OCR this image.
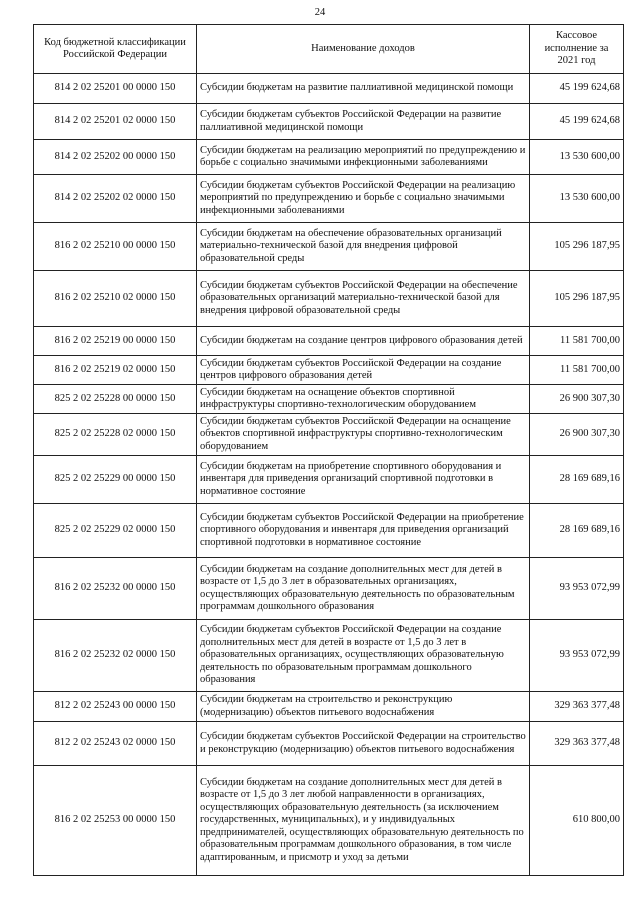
24
Код бюджетной классификации Российской Федерации	Наименование доходов	Кассовое исполнение за 2021 год
814 2 02 25201 00 0000 150	Субсидии бюджетам на развитие паллиативной медицинской помощи	45 199 624,68
814 2 02 25201 02 0000 150	Субсидии бюджетам субъектов Российской Федерации на развитие паллиативной медицинской помощи	45 199 624,68
814 2 02 25202 00 0000 150	Субсидии бюджетам на реализацию мероприятий по предупреждению и борьбе с социально значимыми инфекционными заболеваниями	13 530 600,00
814 2 02 25202 02 0000 150	Субсидии бюджетам субъектов Российской Федерации на реализацию мероприятий по предупреждению и борьбе с социально значимыми инфекционными заболеваниями	13 530 600,00
816 2 02 25210 00 0000 150	Субсидии бюджетам на обеспечение образовательных организаций материально-технической базой для внедрения цифровой образовательной среды	105 296 187,95
816 2 02 25210 02 0000 150	Субсидии бюджетам субъектов Российской Федерации на обеспечение образовательных организаций материально-технической базой для внедрения цифровой образовательной среды	105 296 187,95
816 2 02 25219 00 0000 150	Субсидии бюджетам на создание центров цифрового образования детей	11 581 700,00
816 2 02 25219 02 0000 150	Субсидии бюджетам субъектов Российской Федерации на создание центров цифрового образования детей	11 581 700,00
825 2 02 25228 00 0000 150	Субсидии бюджетам на оснащение объектов спортивной инфраструктуры спортивно-технологическим оборудованием	26 900 307,30
825 2 02 25228 02 0000 150	Субсидии бюджетам субъектов Российской Федерации на оснащение объектов спортивной инфраструктуры спортивно-технологическим оборудованием	26 900 307,30
825 2 02 25229 00 0000 150	Субсидии бюджетам на приобретение спортивного оборудования и инвентаря для приведения организаций спортивной подготовки в нормативное состояние	28 169 689,16
825 2 02 25229 02 0000 150	Субсидии бюджетам субъектов Российской Федерации на приобретение спортивного оборудования и инвентаря для приведения организаций спортивной подготовки в нормативное состояние	28 169 689,16
816 2 02 25232 00 0000 150	Субсидии бюджетам на создание дополнительных мест для детей в возрасте от 1,5 до 3 лет в образовательных организациях, осуществляющих образовательную деятельность по образовательным программам дошкольного образования	93 953 072,99
816 2 02 25232 02 0000 150	Субсидии бюджетам субъектов Российской Федерации на создание дополнительных мест для детей в возрасте от 1,5 до 3 лет в образовательных организациях, осуществляющих образовательную деятельность по образовательным программам дошкольного образования	93 953 072,99
812 2 02 25243 00 0000 150	Субсидии бюджетам на строительство и реконструкцию (модернизацию) объектов питьевого водоснабжения	329 363 377,48
812 2 02 25243 02 0000 150	Субсидии бюджетам субъектов Российской Федерации на строительство и реконструкцию (модернизацию) объектов питьевого водоснабжения	329 363 377,48
816 2 02 25253 00 0000 150	Субсидии бюджетам на создание дополнительных мест для детей в возрасте от 1,5 до 3 лет любой направленности в организациях, осуществляющих образовательную деятельность (за исключением государственных, муниципальных), и у индивидуальных предпринимателей, осуществляющих образовательную деятельность по образовательным программам дошкольного образования, в том числе адаптированным, и присмотр и уход за детьми	610 800,00
